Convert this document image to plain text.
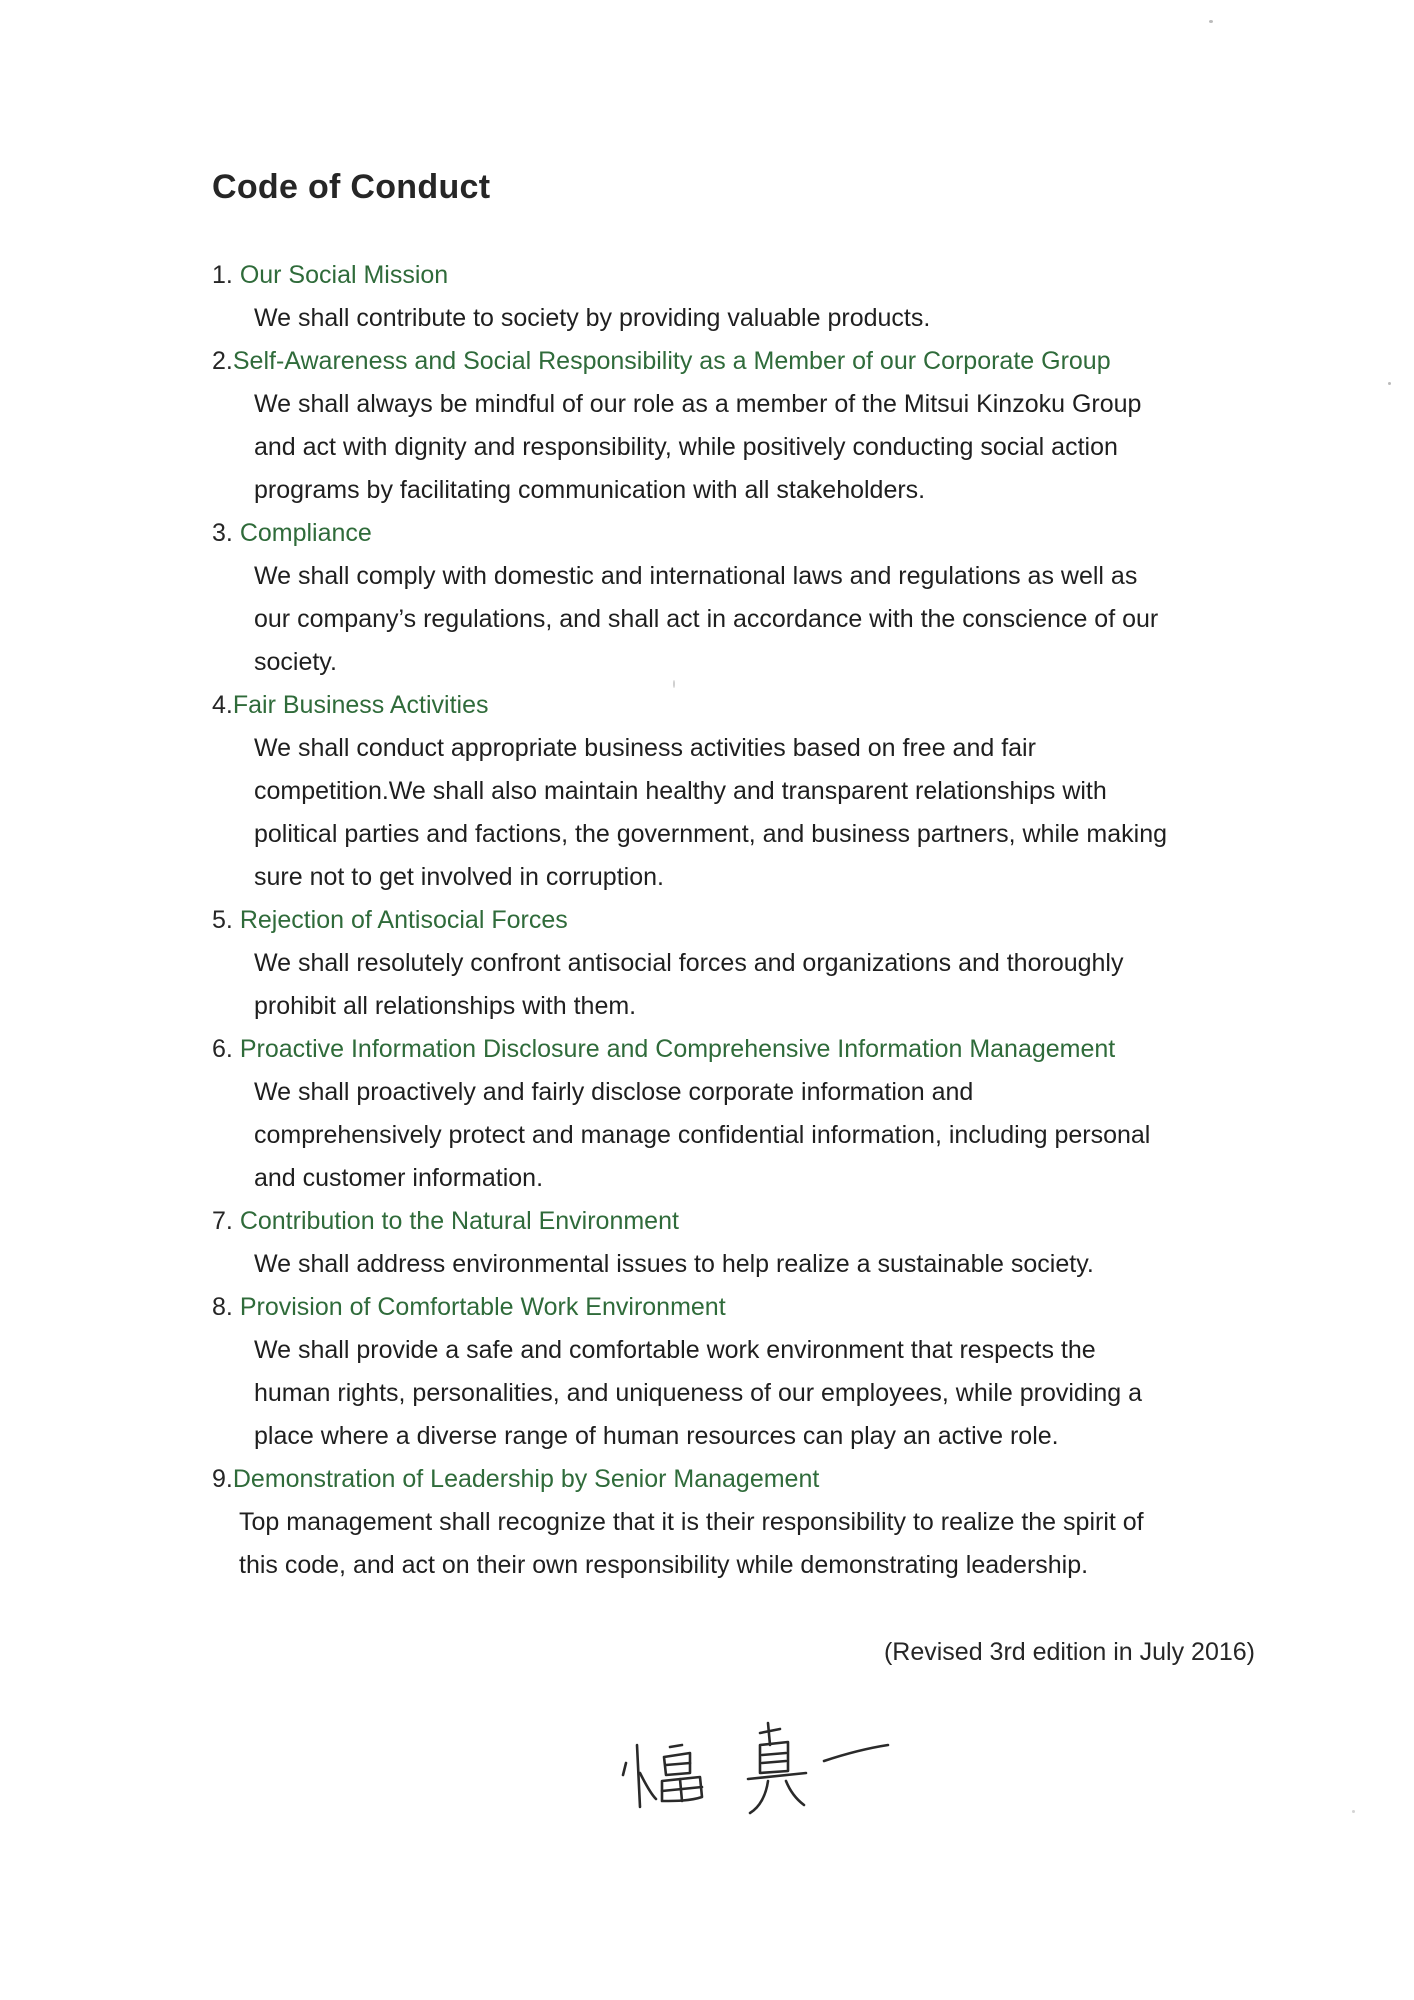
Code of Conduct
1. Our Social Mission
We shall contribute to society by providing valuable products.
2.Self-Awareness and Social Responsibility as a Member of our Corporate Group
We shall always be mindful of our role as a member of the Mitsui Kinzoku Group
and act with dignity and responsibility, while positively conducting social action
programs by facilitating communication with all stakeholders.
3. Compliance
We shall comply with domestic and international laws and regulations as well as
our company’s regulations, and shall act in accordance with the conscience of our
society.
4.Fair Business Activities
We shall conduct appropriate business activities based on free and fair
competition.We shall also maintain healthy and transparent relationships with
political parties and factions, the government, and business partners, while making
sure not to get involved in corruption.
5. Rejection of Antisocial Forces
We shall resolutely confront antisocial forces and organizations and thoroughly
prohibit all relationships with them.
6. Proactive Information Disclosure and Comprehensive Information Management
We shall proactively and fairly disclose corporate information and
comprehensively protect and manage confidential information, including personal
and customer information.
7. Contribution to the Natural Environment
We shall address environmental issues to help realize a sustainable society.
8. Provision of Comfortable Work Environment
We shall provide a safe and comfortable work environment that respects the
human rights, personalities, and uniqueness of our employees, while providing a
place where a diverse range of human resources can play an active role.
9.Demonstration of Leadership by Senior Management
Top management shall recognize that it is their responsibility to realize the spirit of
this code, and act on their own responsibility while demonstrating leadership.
(Revised 3rd edition in July 2016)
